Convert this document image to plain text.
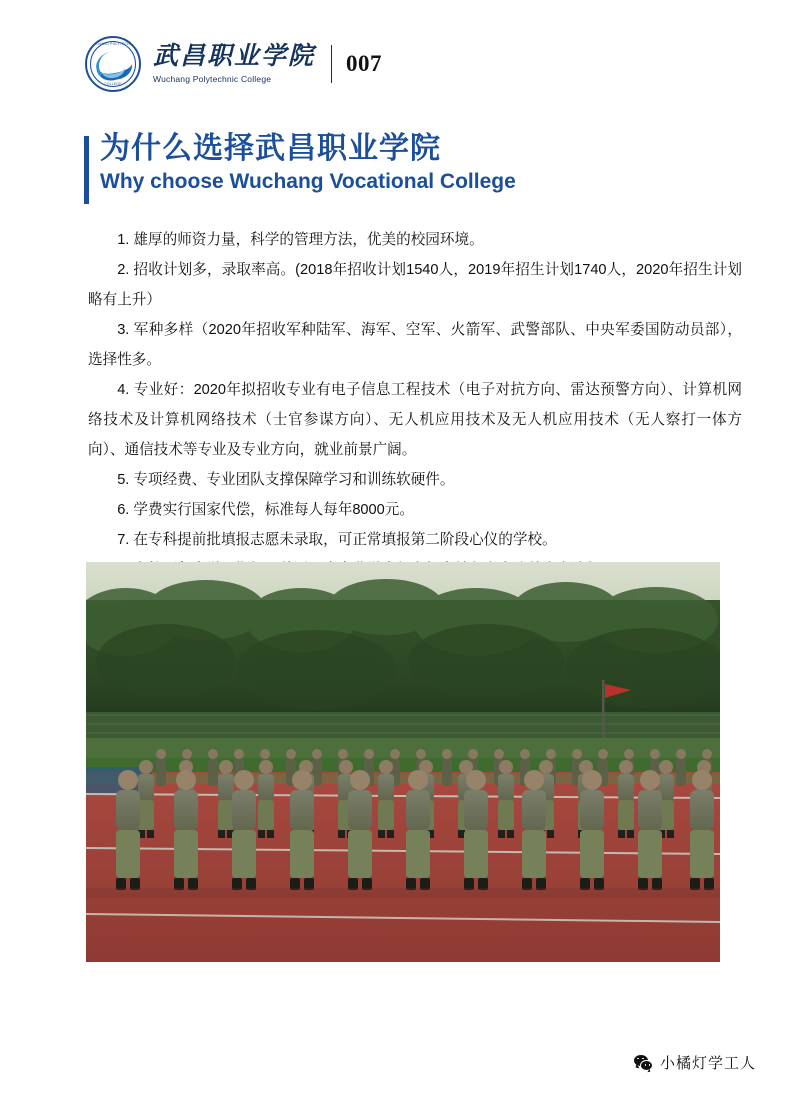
WUCHANG POLYTECHNIC
COLLEGE
武昌职业学院
Wuchang Polytechnic College
007
为什么选择武昌职业学院
Why choose Wuchang Vocational College

1. 雄厚的师资力量，科学的管理方法，优美的校园环境。

2. 招收计划多，录取率高。(2018年招收计划1540人，2019年招生计划1740人，2020年招生计划略有上升）

3. 军种多样（2020年招收军种陆军、海军、空军、火箭军、武警部队、中央军委国防动员部），选择性多。

4. 专业好：2020年拟招收专业有电子信息工程技术（电子对抗方向、雷达预警方向）、计算机网络技术及计算机网络技术（士官参谋方向）、无人机应用技术及无人机应用技术（无人察打一体方向）、通信技术等专业及专业方向，就业前景广阔。

5. 专项经费、专业团队支撑保障学习和训练软硬件。

6. 学费实行国家代偿，标准每人每年8000元。

7. 在专科提前批填报志愿未录取，可正常填报第二阶段心仪的学校。

小橘灯学工人
